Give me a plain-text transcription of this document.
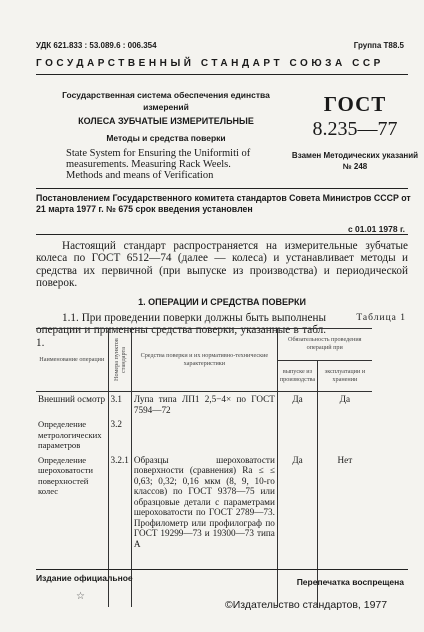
УДК 621.833 : 53.089.6 : 006.354	Группа Т88.5
ГОСУДАРСТВЕННЫЙ СТАНДАРТ СОЮЗА ССР
Государственная система обеспечения единства измерений
КОЛЕСА ЗУБЧАТЫЕ ИЗМЕРИТЕЛЬНЫЕ
Методы и средства поверки
State System for Ensuring the Uniformiti of measurements. Measuring Rack Weels. Methods and means of Verification
ГОСТ
8.235—77
Взамен Методических указаний № 248
Постановлением Государственного комитета стандартов Совета Министров СССР от 21 марта 1977 г. № 675 срок введения установлен
с 01.01 1978 г.

Настоящий стандарт распространяется на измерительные зубчатые колеса по ГОСТ 6512—74 (далее — колеса) и устанавливает методы и средства их первичной (при выпуске из производства) и периодической поверок.

1. ОПЕРАЦИИ И СРЕДСТВА ПОВЕРКИ

1.1. При проведении поверки должны быть выполнены операции и применены средства поверки, указанные в табл. 1.

Таблица 1
Наименование операции	Номера пунктов стандарта	Средства поверки и их нормативно-технические характеристики	Обязательность проведения операций при	
			выпуске из производства	эксплуатации и хранении
Внешний осмотр	3.1	Лупа типа ЛП1 2,5−4× по ГОСТ 7594—72	Да	Да
Определение метрологических параметров	3.2			
Определение шероховатости поверхностей колес	3.2.1	Образцы шероховатости поверхности (сравнения) Ra ≤ ≤ 0,63; 0,32; 0,16 мкм (8, 9, 10-го классов) по ГОСТ 9378—75 или образцовые детали с параметрами шероховатости по ГОСТ 2789—73. Профилометр или профилограф по ГОСТ 19299—73 и 19300—73 типа А	Да	Нет
Издание официальное
☆
Перепечатка воспрещена
©Издательство стандартов, 1977
